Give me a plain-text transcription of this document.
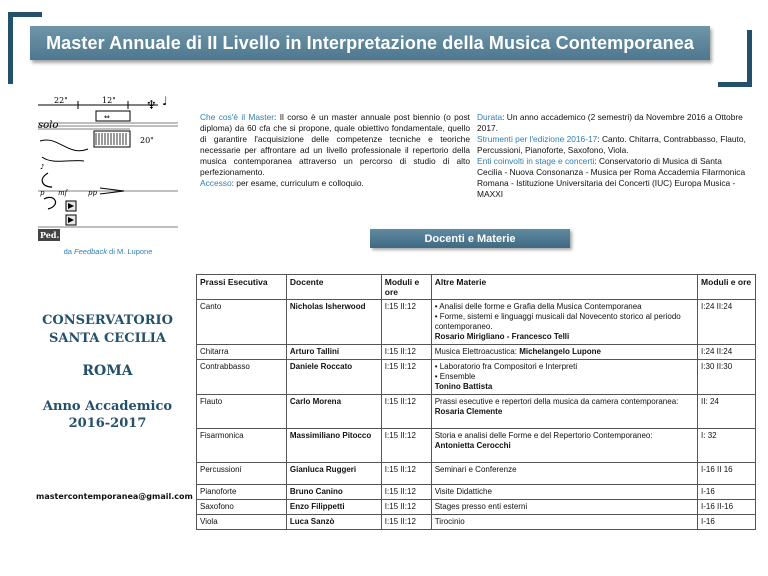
Master Annuale di II Livello in Interpretazione della Musica Contemporanea
22"	12"	♆ ♩
⇔
solo
20"
♪
p mf	pp
Ped. 2
da Feedback di M. Lupone
Che cos'è il Master: Il corso è un master annuale post biennio (o post diploma) da 60 cfa che si propone, quale obiettivo fondamentale, quello di garantire l'acquisizione delle competenze tecniche e teoriche necessarie per affrontare ad un livello professionale il repertorio della musica contemporanea attraverso un percorso di studio di alto perfezionamento.
Accesso: per esame, curriculum e colloquio.
Durata: Un anno accademico (2 semestri) da Novembre 2016 a Ottobre 2017.
Strumenti per l'edizione 2016-17: Canto. Chitarra, Contrabbasso, Flauto, Percussioni, Pianoforte, Saxofono, Viola.
Enti coinvolti in stage e concerti: Conservatorio di Musica di Santa Cecilia - Nuova Consonanza - Musica per Roma Accademia Filarmonica Romana - Istituzione Universitaria dei Concerti (IUC) Europa Musica - MAXXI
Docenti e Materie
CONSERVATORIO
SANTA CECILIA
ROMA
Anno Accademico
2016-2017
mastercontemporanea@gmail.com
Prassi Esecutiva	Docente	Moduli e ore	Altre Materie	Moduli e ore
Canto	Nicholas Isherwood	I:15 II:12	• Analisi delle forme e Grafia della Musica Contemporanea
• Forme, sistemi e linguaggi musicali dal Novecento storico al periodo contemporaneo.
Rosario Mirigliano - Francesco Telli	I:24 II:24
Chitarra	Arturo Tallini	I:15 II:12	Musica Elettroacustica: Michelangelo Lupone	I:24 II:24
Contrabbasso	Daniele Roccato	I:15 II:12	• Laboratorio fra Compositori e Interpreti
• Ensemble
Tonino Battista	I:30 II:30
Flauto	Carlo Morena	I:15 II:12	Prassi esecutive e repertori della musica da camera contemporanea:
Rosaria Clemente	II: 24
Fisarmonica	Massimiliano Pitocco	I:15 II:12	Storia e analisi delle Forme e del Repertorio Contemporaneo:
Antonietta Cerocchi	I: 32
Percussioni	Gianluca Ruggeri	I:15 II:12	Seminari e Conferenze	I-16 II 16
Pianoforte	Bruno Canino	I:15 II:12	Visite Didattiche	I-16
Saxofono	Enzo Filippetti	I:15 II:12	Stages presso enti esterni	I-16 II-16
Viola	Luca Sanzò	I:15 II:12	Tirocinio	I-16
